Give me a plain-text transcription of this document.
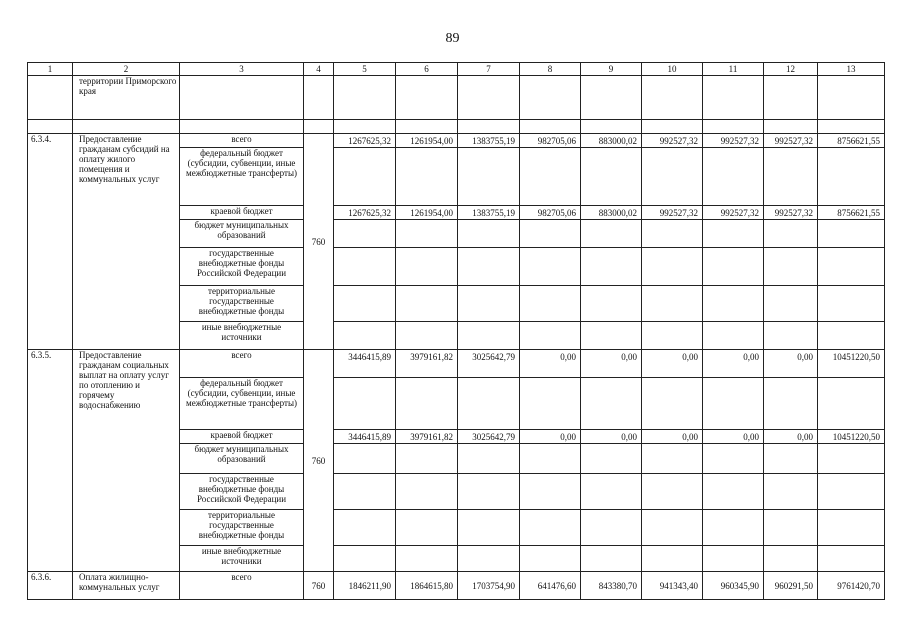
89
1	2	3	4	5	6	7	8	9	10	11	12	13
	территории Приморского края											

6.3.4.	Предоставление гражданам субсидий на оплату жилого помещения и коммунальных услуг	всего	760	1267625,32	1261954,00	1383755,19	982705,06	883000,02	992527,32	992527,32	992527,32	8756621,55
		федеральный бюджет (субсидии, субвенции, иные межбюджетные трансферты)										
		краевой бюджет		1267625,32	1261954,00	1383755,19	982705,06	883000,02	992527,32	992527,32	992527,32	8756621,55
		бюджет муниципальных образований										
		государственные внебюджетные фонды Российской Федерации										
		территориальные государственные внебюджетные фонды										
		иные внебюджетные источники										
6.3.5.	Предоставление гражданам социальных выплат на оплату услуг по отоплению и горячему водоснабжению	всего	760	3446415,89	3979161,82	3025642,79	0,00	0,00	0,00	0,00	0,00	10451220,50
		федеральный бюджет (субсидии, субвенции, иные межбюджетные трансферты)										
		краевой бюджет		3446415,89	3979161,82	3025642,79	0,00	0,00	0,00	0,00	0,00	10451220,50
		бюджет муниципальных образований										
		государственные внебюджетные фонды Российской Федерации										
		территориальные государственные внебюджетные фонды										
		иные внебюджетные источники										
6.3.6.	Оплата жилищно-коммунальных услуг	всего	760	1846211,90	1864615,80	1703754,90	641476,60	843380,70	941343,40	960345,90	960291,50	9761420,70
